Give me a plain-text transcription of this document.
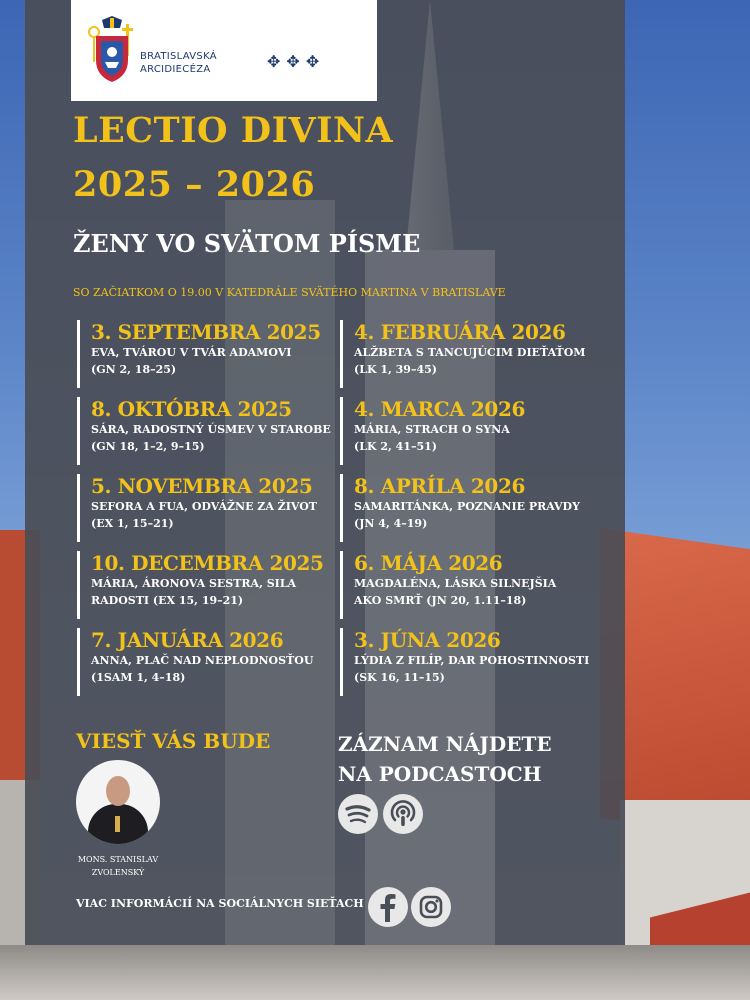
BRATISLAVSKÁ
ARCIDIECÉZA	✥✥✥
LECTIO DIVINA
2025 – 2026
ŽENY VO SVÄTOM PÍSME
SO ZAČIATKOM O 19.00 V KATEDRÁLE SVÄTÉHO MARTINA V BRATISLAVE
3. SEPTEMBRA 2025
EVA, TVÁROU V TVÁR ADAMOVI
(GN 2, 18–25)
8. OKTÓBRA 2025
SÁRA, RADOSTNÝ ÚSMEV V STAROBE
(GN 18, 1–2, 9–15)
5. NOVEMBRA 2025
SEFORA A FUA, ODVÁŽNE ZA ŽIVOT
(EX 1, 15–21)
10. DECEMBRA 2025
MÁRIA, ÁRONOVA SESTRA, SILA
RADOSTI (EX 15, 19–21)
7. JANUÁRA 2026
ANNA, PLAČ NAD NEPLODNOSŤOU
(1SAM 1, 4–18)
4. FEBRUÁRA 2026
ALŽBETA S TANCUJÚCIM DIEŤAŤOM
(LK 1, 39–45)
4. MARCA 2026
MÁRIA, STRACH O SYNA
(LK 2, 41–51)
8. APRÍLA 2026
SAMARITÁNKA, POZNANIE PRAVDY
(JN 4, 4–19)
6. MÁJA 2026
MAGDALÉNA, LÁSKA SILNEJŠIA
AKO SMRŤ (JN 20, 1.11–18)
3. JÚNA 2026
LÝDIA Z FILÍP, DAR POHOSTINNOSTI
(SK 16, 11–15)
VIESŤ VÁS BUDE
MONS. STANISLAV
ZVOLENSKÝ
ZÁZNAM NÁJDETE
NA PODCASTOCH
VIAC INFORMÁCIÍ NA SOCIÁLNYCH SIEŤACH
